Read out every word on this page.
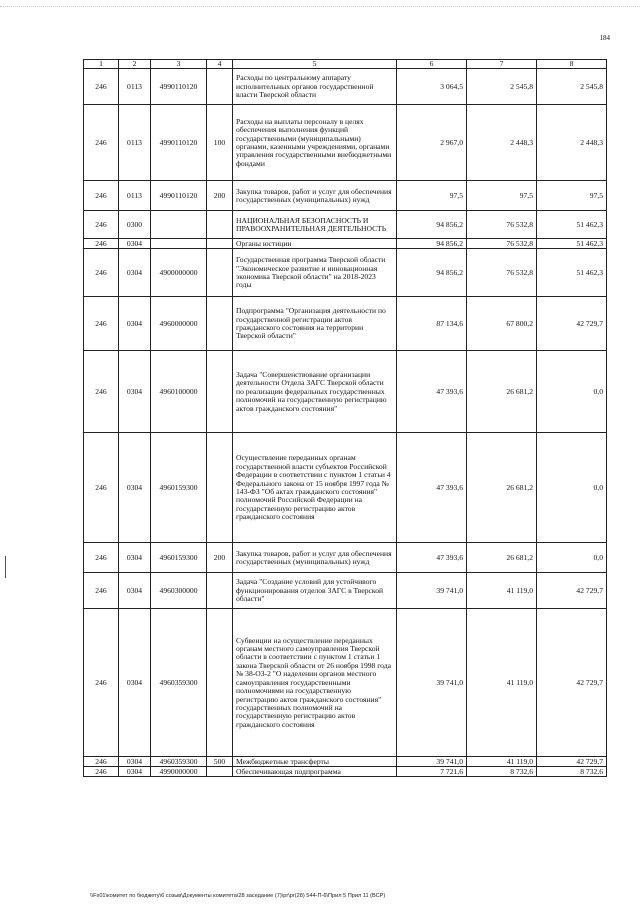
184
1	2	3	4	5	6	7	8
246	0113	4990110120		Расходы по центральному аппарату исполнительных органов государственной власти Тверской области	3 064,5	2 545,8	2 545,8
246	0113	4990110120	100	Расходы на выплаты персоналу в целях обеспечения выполнения функций государственными (муниципальными) органами, казенными учреждениями, органами управления государственными внебюджетными фондами	2 967,0	2 448,3	2 448,3
246	0113	4990110120	200	Закупка товаров, работ и услуг для обеспечения государственных (муниципальных) нужд	97,5	97,5	97,5
246	0300			НАЦИОНАЛЬНАЯ БЕЗОПАСНОСТЬ И ПРАВООХРАНИТЕЛЬНАЯ ДЕЯТЕЛЬНОСТЬ	94 856,2	76 532,8	51 462,3
246	0304			Органы юстиции	94 856,2	76 532,8	51 462,3
246	0304	4900000000		Государственная программа Тверской области "Экономическое развитие и инновационная экономика Тверской области" на 2018-2023 годы	94 856,2	76 532,8	51 462,3
246	0304	4960000000		Подпрограмма "Организация деятельности по государственной регистрации актов гражданского состояния на территории Тверской области"	87 134,6	67 800,2	42 729,7
246	0304	4960100000		Задача "Совершенствование организации деятельности Отдела ЗАГС Тверской области по реализации федеральных государственных полномочий на государственную регистрацию актов гражданского состояния"	47 393,6	26 681,2	0,0
246	0304	4960159300		Осуществление переданных органам государственной власти субъектов Российской Федерации в соответствии с пунктом 1 статьи 4 Федерального закона от 15 ноября 1997 года № 143-ФЗ "Об актах гражданского состояния" полномочий Российской Федерации на государственную регистрацию актов гражданского состояния	47 393,6	26 681,2	0,0
246	0304	4960159300	200	Закупка товаров, работ и услуг для обеспечения государственных (муниципальных) нужд	47 393,6	26 681,2	0,0
246	0304	4960300000		Задача "Создание условий для устойчивого функционирования отделов ЗАГС в Тверской области"	39 741,0	41 119,0	42 729,7
246	0304	4960359300		Субвенции на осуществление переданных органам местного самоуправления Тверской области в соответствии с пунктом 1 статьи 1 закона Тверской области от 26 ноября 1998 года № 38-ОЗ-2 "О наделении органов местного самоуправления государственными полномочиями на государственную регистрацию актов гражданского состояния" государственных полномочий на государственную регистрацию актов гражданского состояния	39 741,0	41 119,0	42 729,7
246	0304	4960359300	500	Межбюджетные трансферты	39 741,0	41 119,0	42 729,7
246	0304	4990000000		Обеспечивающая подпрограмма	7 721,6	8 732,6	8 732,6
\\Fs01\комитет по бюджету\6 созыв\Документы комитета\28 заседание (7)\pr\pr(28) 544-П-6\Прил 5 Прил 11 (ВСР)
